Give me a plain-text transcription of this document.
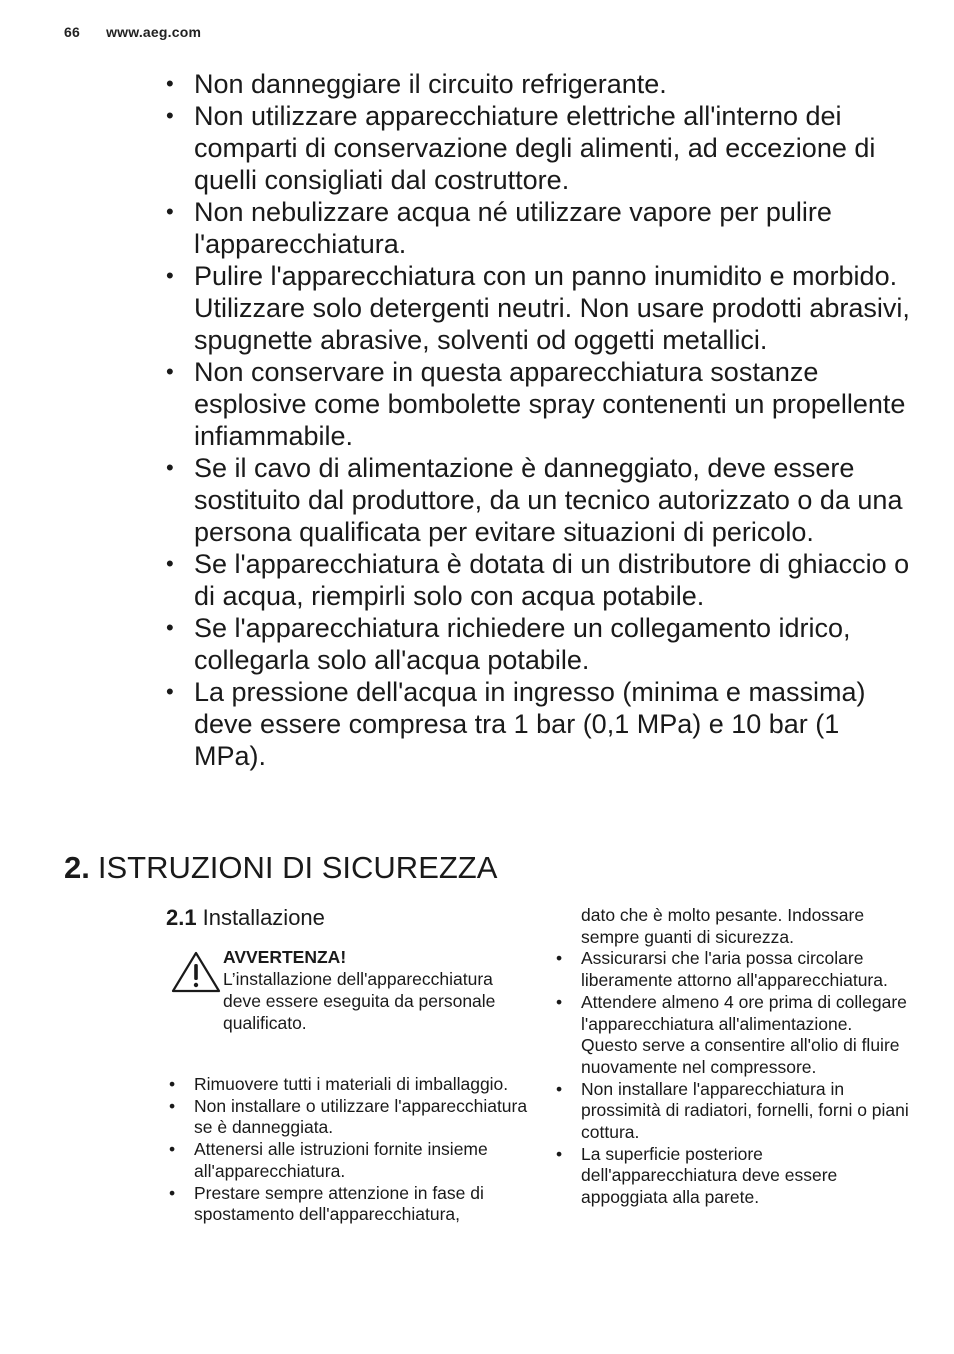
66 www.aeg.com
• Non danneggiare il circuito refrigerante.
• Non utilizzare apparecchiature elettriche all'interno dei comparti di conservazione degli alimenti, ad eccezione di quelli consigliati dal costruttore.
• Non nebulizzare acqua né utilizzare vapore per pulire l'apparecchiatura.
• Pulire l'apparecchiatura con un panno inumidito e morbido. Utilizzare solo detergenti neutri. Non usare prodotti abrasivi, spugnette abrasive, solventi od oggetti metallici.
• Non conservare in questa apparecchiatura sostanze esplosive come bombolette spray contenenti un propellente infiammabile.
• Se il cavo di alimentazione è danneggiato, deve essere sostituito dal produttore, da un tecnico autorizzato o da una persona qualificata per evitare situazioni di pericolo.
• Se l'apparecchiatura è dotata di un distributore di ghiaccio o di acqua, riempirli solo con acqua potabile.
• Se l'apparecchiatura richiedere un collegamento idrico, collegarla solo all'acqua potabile.
• La pressione dell'acqua in ingresso (minima e massima) deve essere compresa tra 1 bar (0,1 MPa) e 10 bar (1 MPa).
2. ISTRUZIONI DI SICUREZZA
2.1 Installazione
AVVERTENZA!
L’installazione dell'apparecchiatura deve essere eseguita da personale qualificato.
• Rimuovere tutti i materiali di imballaggio.
• Non installare o utilizzare l'apparecchiatura se è danneggiata.
• Attenersi alle istruzioni fornite insieme all'apparecchiatura.
• Prestare sempre attenzione in fase di spostamento dell'apparecchiatura,
dato che è molto pesante. Indossare sempre guanti di sicurezza.
• Assicurarsi che l'aria possa circolare liberamente attorno all'apparecchiatura.
• Attendere almeno 4 ore prima di collegare l'apparecchiatura all'alimentazione. Questo serve a consentire all'olio di fluire nuovamente nel compressore.
• Non installare l'apparecchiatura in prossimità di radiatori, fornelli, forni o piani cottura.
• La superficie posteriore dell'apparecchiatura deve essere appoggiata alla parete.
